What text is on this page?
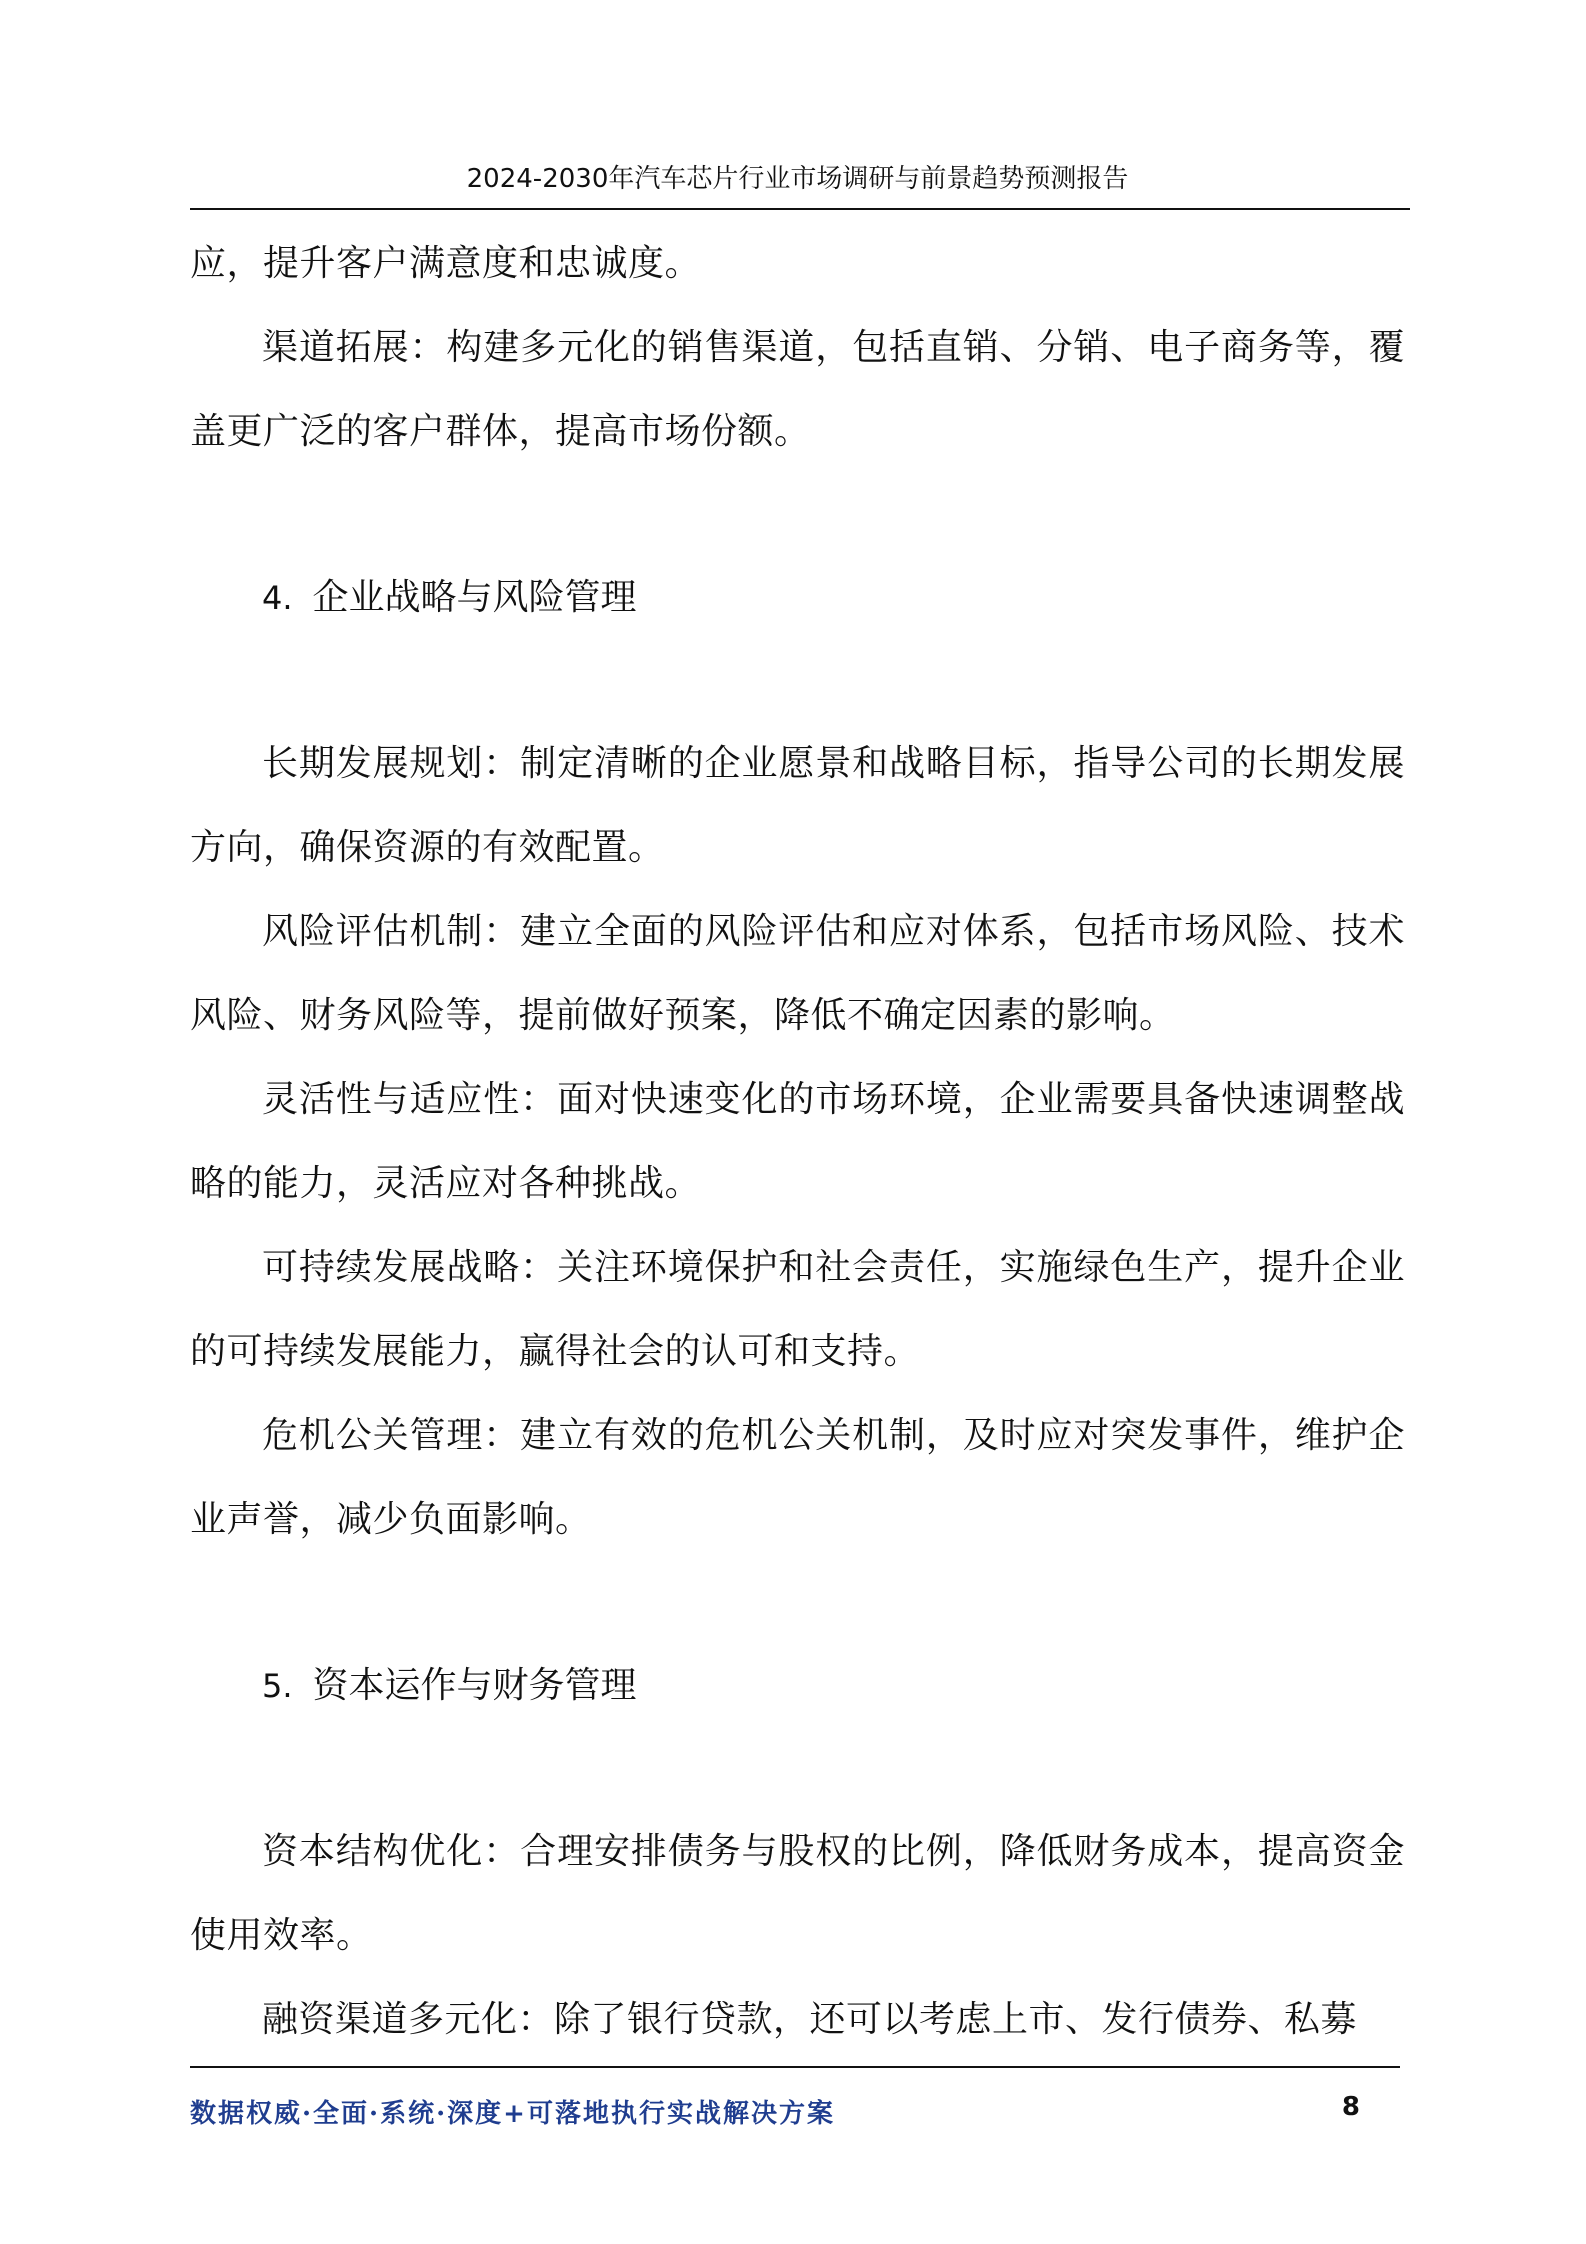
2024-2030年汽车芯片行业市场调研与前景趋势预测报告

应，提升客户满意度和忠诚度。

渠道拓展：构建多元化的销售渠道，包括直销、分销、电子商务等，覆盖更广泛的客户群体，提高市场份额。

4. 企业战略与风险管理

长期发展规划：制定清晰的企业愿景和战略目标，指导公司的长期发展方向，确保资源的有效配置。

风险评估机制：建立全面的风险评估和应对体系，包括市场风险、技术风险、财务风险等，提前做好预案，降低不确定因素的影响。

灵活性与适应性：面对快速变化的市场环境，企业需要具备快速调整战略的能力，灵活应对各种挑战。

可持续发展战略：关注环境保护和社会责任，实施绿色生产，提升企业的可持续发展能力，赢得社会的认可和支持。

危机公关管理：建立有效的危机公关机制，及时应对突发事件，维护企业声誉，减少负面影响。

5. 资本运作与财务管理

资本结构优化：合理安排债务与股权的比例，降低财务成本，提高资金使用效率。

融资渠道多元化：除了银行贷款，还可以考虑上市、发行债券、私募

数据权威·全面·系统·深度+可落地执行实战解决方案	8
